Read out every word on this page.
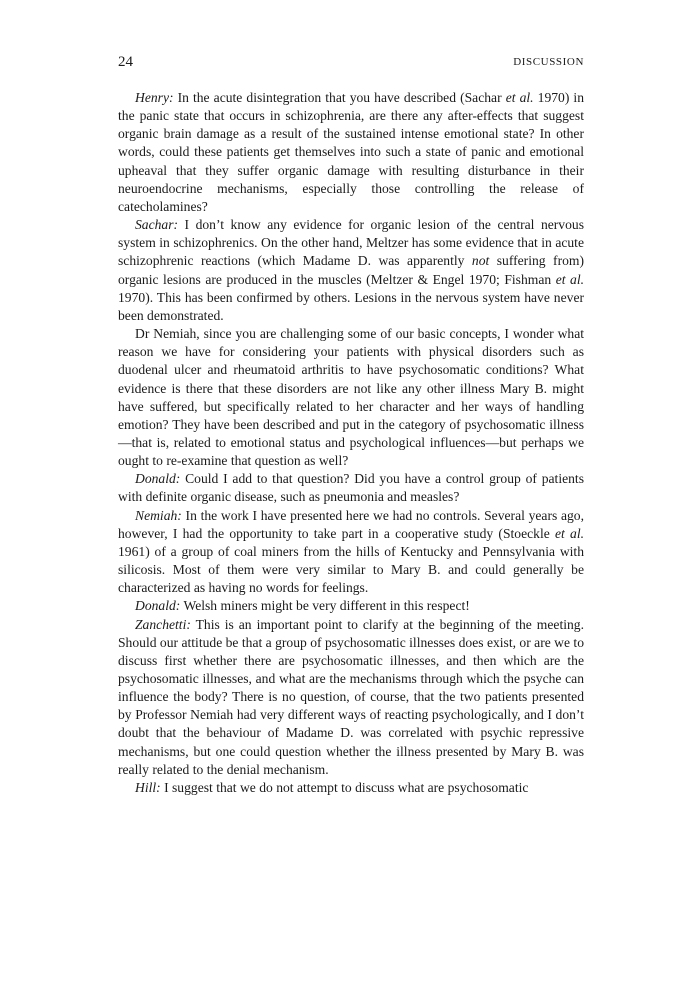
24	DISCUSSION

Henry: In the acute disintegration that you have described (Sachar et al. 1970) in the panic state that occurs in schizophrenia, are there any after-effects that suggest organic brain damage as a result of the sustained intense emotional state? In other words, could these patients get themselves into such a state of panic and emotional upheaval that they suffer organic damage with resulting disturbance in their neuroendocrine mechanisms, especially those controlling the release of catecholamines?

Sachar: I don’t know any evidence for organic lesion of the central nervous system in schizophrenics. On the other hand, Meltzer has some evidence that in acute schizophrenic reactions (which Madame D. was apparently not suffering from) organic lesions are produced in the muscles (Meltzer & Engel 1970; Fishman et al. 1970). This has been confirmed by others. Lesions in the nervous system have never been demonstrated.

Dr Nemiah, since you are challenging some of our basic concepts, I wonder what reason we have for considering your patients with physical disorders such as duodenal ulcer and rheumatoid arthritis to have psychosomatic conditions? What evidence is there that these disorders are not like any other illness Mary B. might have suffered, but specifically related to her character and her ways of handling emotion? They have been described and put in the category of psychosomatic illness—that is, related to emotional status and psychological influences—but perhaps we ought to re-examine that question as well?

Donald: Could I add to that question? Did you have a control group of patients with definite organic disease, such as pneumonia and measles?

Nemiah: In the work I have presented here we had no controls. Several years ago, however, I had the opportunity to take part in a cooperative study (Stoeckle et al. 1961) of a group of coal miners from the hills of Kentucky and Pennsylvania with silicosis. Most of them were very similar to Mary B. and could generally be characterized as having no words for feelings.

Donald: Welsh miners might be very different in this respect!

Zanchetti: This is an important point to clarify at the beginning of the meeting. Should our attitude be that a group of psychosomatic illnesses does exist, or are we to discuss first whether there are psychosomatic illnesses, and then which are the psychosomatic illnesses, and what are the mechanisms through which the psyche can influence the body? There is no question, of course, that the two patients presented by Professor Nemiah had very different ways of reacting psychologically, and I don’t doubt that the behaviour of Madame D. was correlated with psychic repressive mechanisms, but one could question whether the illness presented by Mary B. was really related to the denial mechanism.

Hill: I suggest that we do not attempt to discuss what are psychosomatic
